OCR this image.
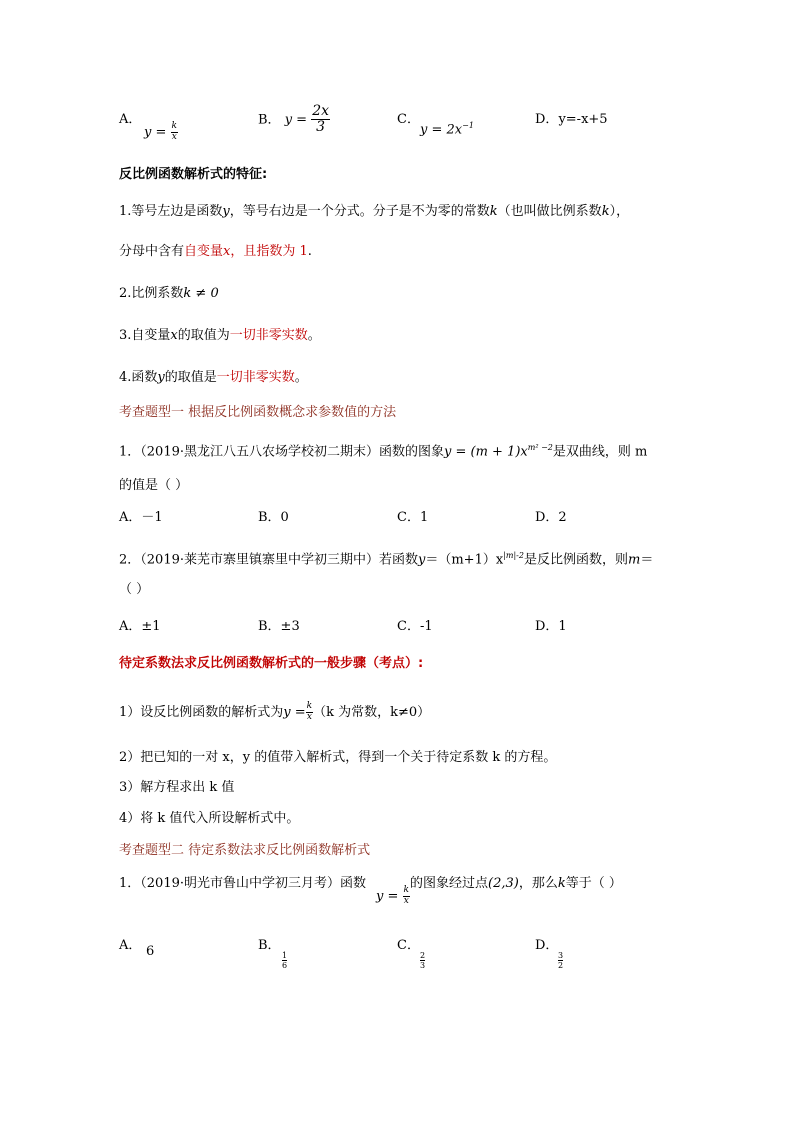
A．
$y = \frac{k}{x}$
B． $y = \frac{2x}{3}$	C．
$y = 2x^{-1}$	D．y=-x+5
反比例函数解析式的特征:
1.等号左边是函数y，等号右边是一个分式。分子是不为零的常数k（也叫做比例系数k），
分母中含有自变量x，且指数为 1.
2.比例系数k ≠ 0
3.自变量x的取值为一切非零实数。
4.函数y的取值是一切非零实数。
考查题型一 根据反比例函数概念求参数值的方法
1．（2019·黑龙江八五八农场学校初二期末）函数的图象$y = (m + 1)x^{m^2 -2}$是双曲线，则 m
的值是（ ）
A．－1	B．0	C．1	D．2
2．（2019·莱芜市寨里镇寨里中学初三期中）若函数$y=(m+1)x^{|m|-2}$是反比例函数，则m＝
（ ）
A．±1	B．±3	C．-1	D．1
待定系数法求反比例函数解析式的一般步骤（考点）:
1）设反比例函数的解析式为$y = \frac{k}{x} (k$ 为常数，k≠0）
2）把已知的一对 x，y 的值带入解析式，得到一个关于待定系数 k 的方程。
3）解方程求出 k 值
4）将 k 值代入所设解析式中。
考查题型二 待定系数法求反比例函数解析式
1．（2019·明光市鲁山中学初三月考）函数
$y = \frac{k}{x}$
的图象经过点(2,3)，那么k等于（ ）
A． 6	B．
1
6
C．
2
3
D．
3
2
